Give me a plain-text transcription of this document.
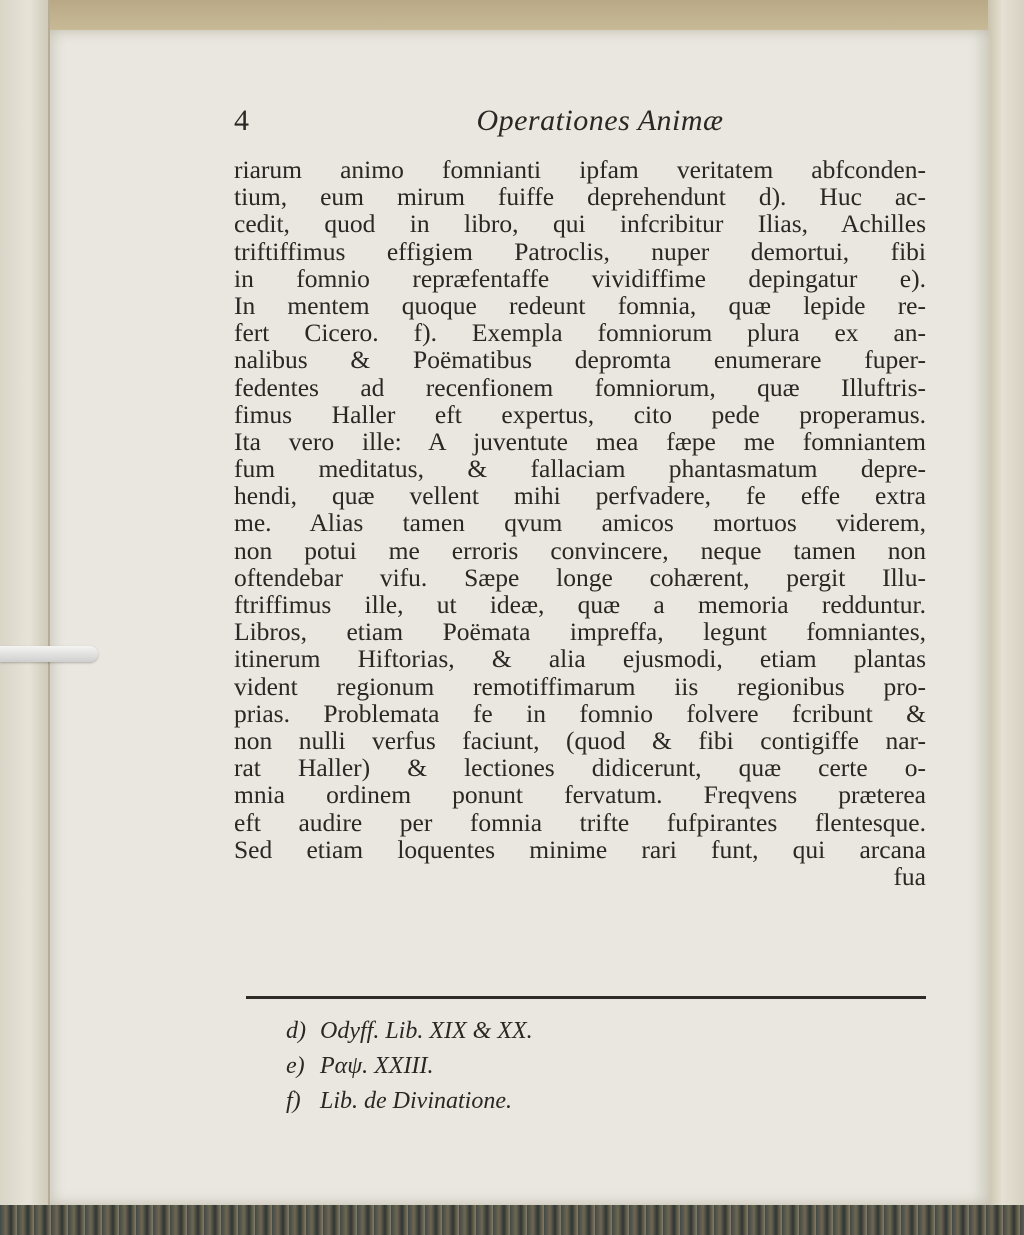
4	Operationes Animæ
riarum animo fomnianti ipfam veritatem abfconden-
tium, eum mirum fuiffe deprehendunt d). Huc ac-
cedit, quod in libro, qui infcribitur Ilias, Achilles
triftiffimus effigiem Patroclis, nuper demortui, fibi
in fomnio repræfentaffe vividiffime depingatur e).
In mentem quoque redeunt fomnia, quæ lepide re-
fert Cicero. f). Exempla fomniorum plura ex an-
nalibus & Poëmatibus depromta enumerare fuper-
fedentes ad recenfionem fomniorum, quæ Illuftris-
fimus Haller eft expertus, cito pede properamus.
Ita vero ille: A juventute mea fæpe me fomniantem
fum meditatus, & fallaciam phantasmatum depre-
hendi, quæ vellent mihi perfvadere, fe effe extra
me. Alias tamen qvum amicos mortuos viderem,
non potui me erroris convincere, neque tamen non
oftendebar vifu. Sæpe longe cohærent, pergit Illu-
ftriffimus ille, ut ideæ, quæ a memoria redduntur.
Libros, etiam Poëmata impreffa, legunt fomniantes,
itinerum Hiftorias, & alia ejusmodi, etiam plantas
vident regionum remotiffimarum iis regionibus pro-
prias. Problemata fe in fomnio folvere fcribunt &
non nulli verfus faciunt, (quod & fibi contigiffe nar-
rat Haller) & lectiones didicerunt, quæ certe o-
mnia ordinem ponunt fervatum. Freqvens præterea
eft audire per fomnia trifte fufpirantes flentesque.
Sed etiam loquentes minime rari funt, qui arcana
fua
d) Odyff. Lib. XIX & XX.
e) Ραψ. XXIII.
f) Lib. de Divinatione.
